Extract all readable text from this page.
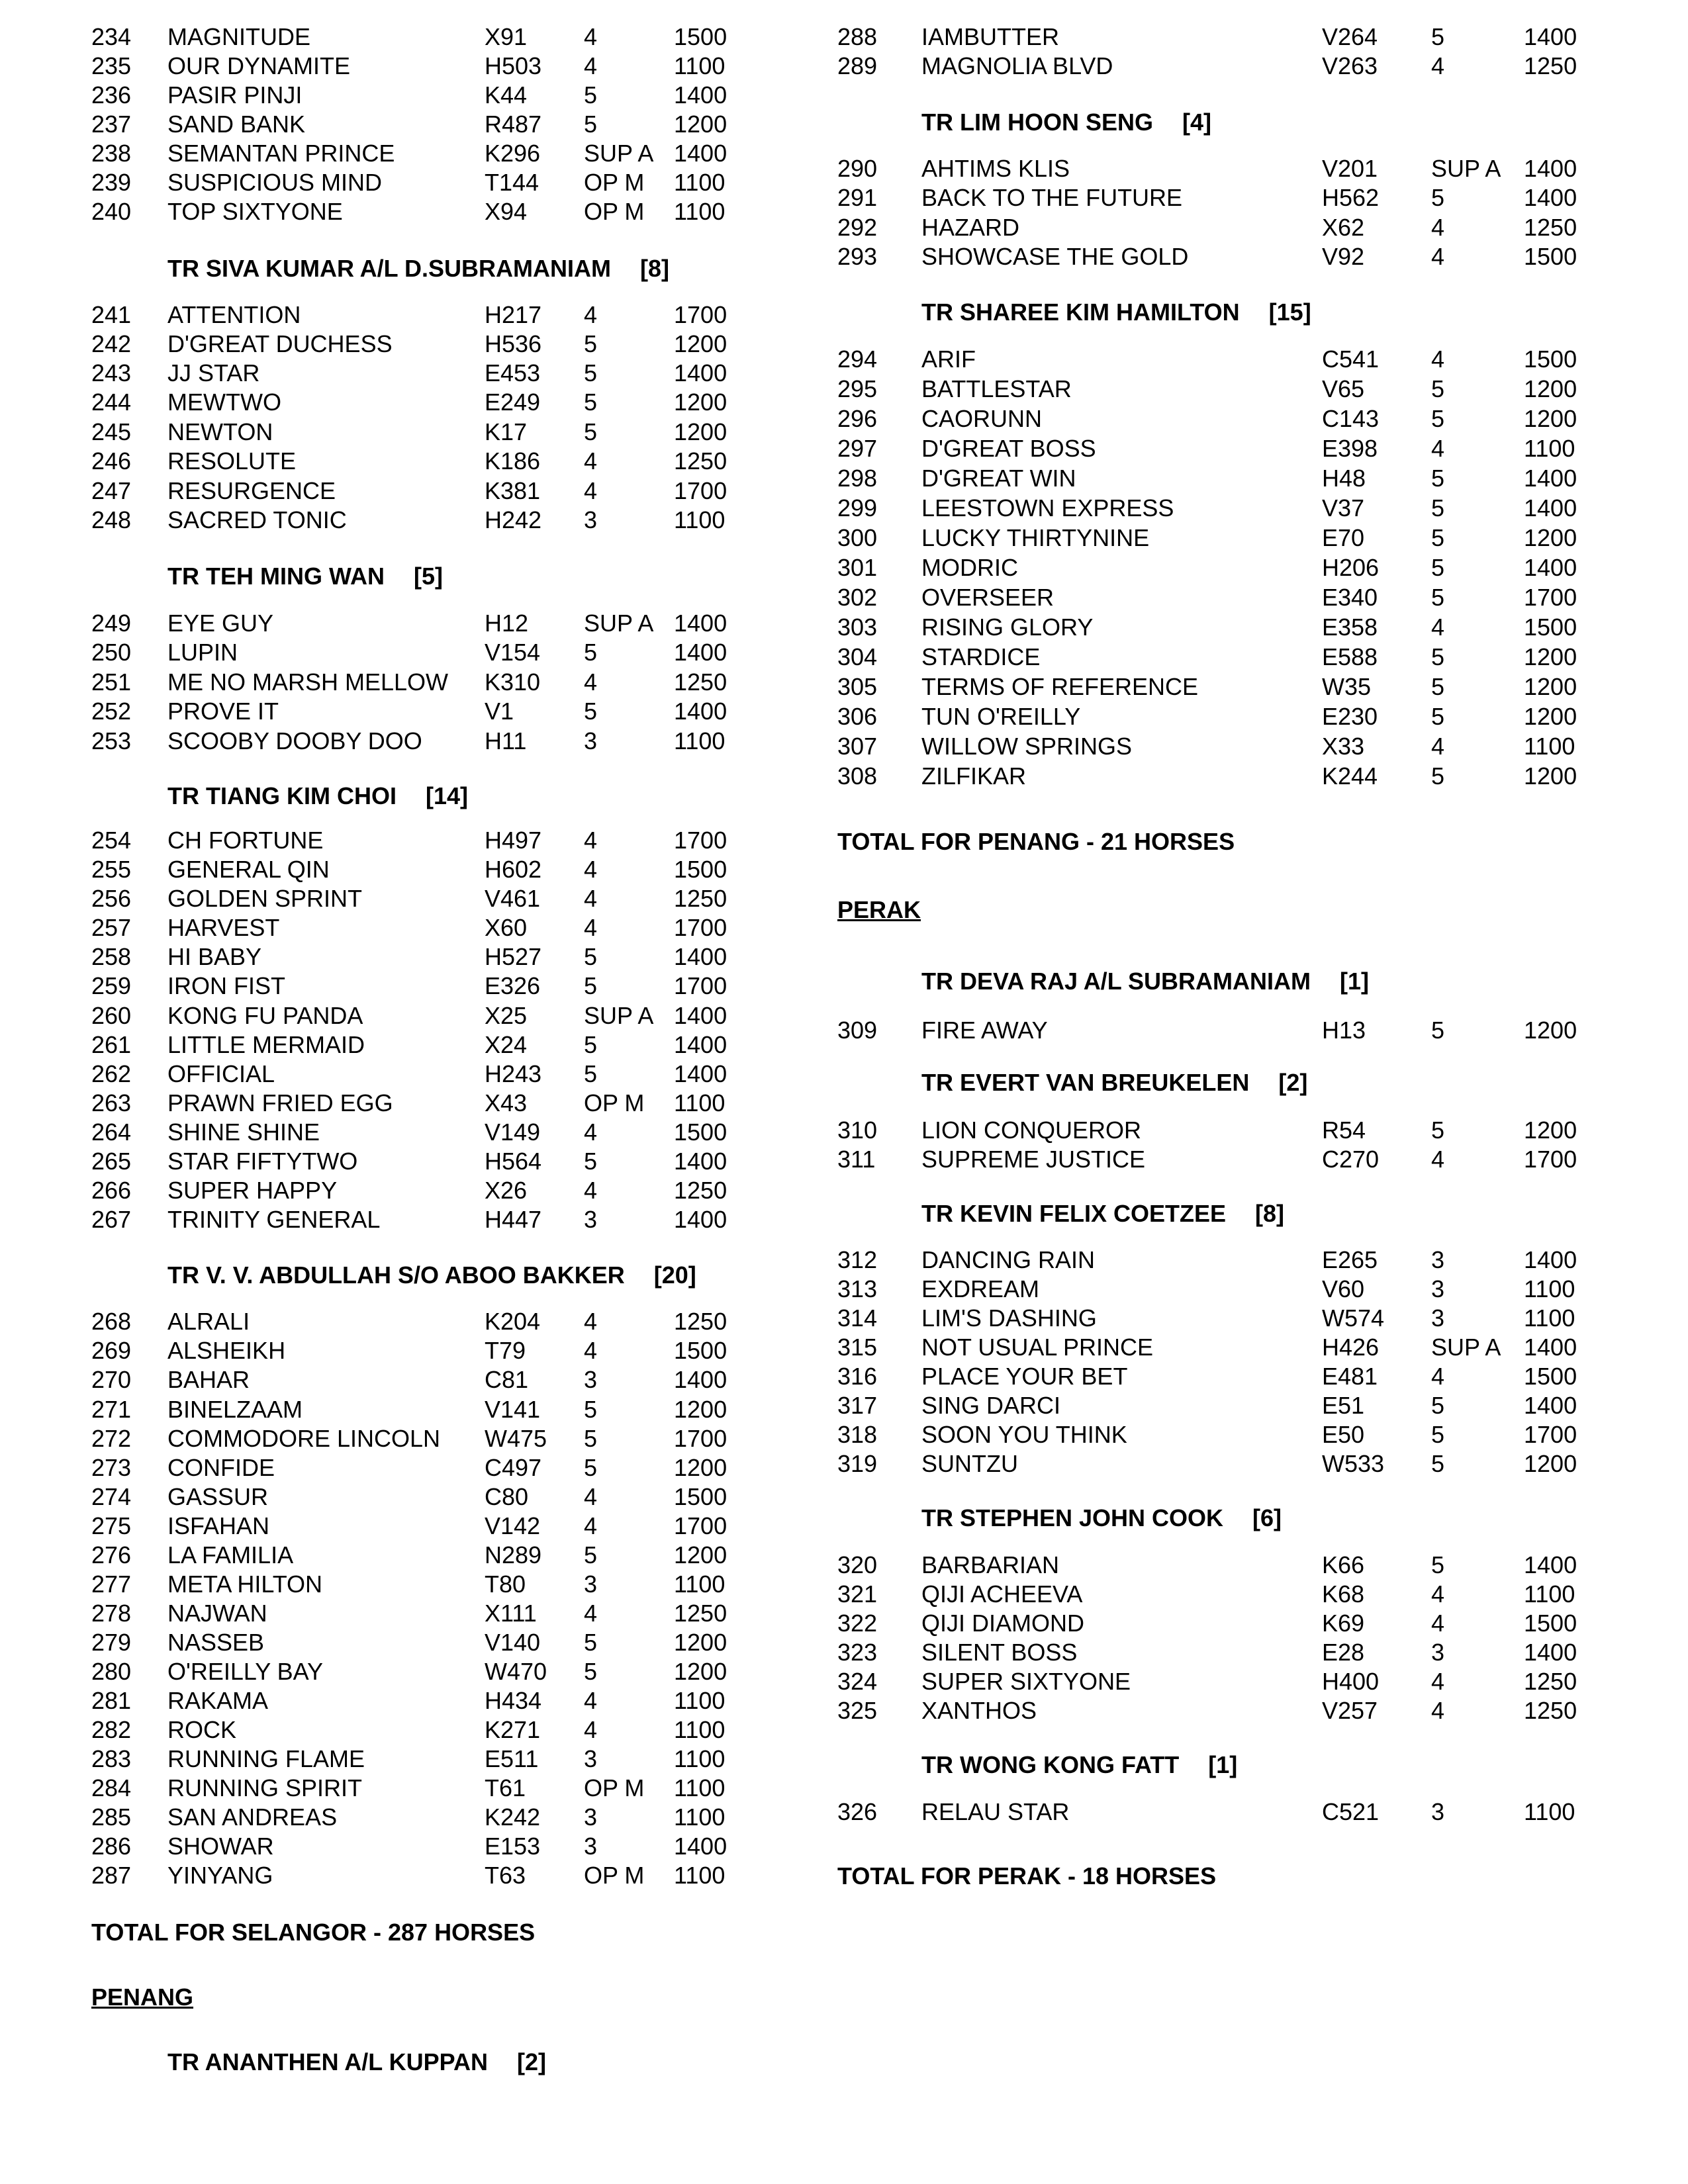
234 MAGNITUDE	X91 4	1500
235 OUR DYNAMITE	H503 4	1100
236 PASIR PINJI	K44 5	1400
237 SAND BANK	R487 5	1200
238 SEMANTAN PRINCE	K296 SUP A 1400
239 SUSPICIOUS MIND	T144 OP M 1100
240 TOP SIXTYONE	X94 OP M 1100
TR SIVA KUMAR A/L D.SUBRAMANIAM [8]
241 ATTENTION	H217 4	1700
242 D'GREAT DUCHESS	H536 5	1200
243 JJ STAR	E453 5	1400
244 MEWTWO	E249 5	1200
245 NEWTON	K17 5	1200
246 RESOLUTE	K186 4	1250
247 RESURGENCE	K381 4	1700
248 SACRED TONIC	H242 3	1100
TR TEH MING WAN [5]
249 EYE GUY	H12 SUP A 1400
250 LUPIN	V154 5	1400
251 ME NO MARSH MELLOW K310 4	1250
252 PROVE IT	V1	5	1400
253 SCOOBY DOOBY DOO	H11 3	1100
TR TIANG KIM CHOI [14]
254 CH FORTUNE	H497 4	1700
255 GENERAL QIN	H602 4	1500
256 GOLDEN SPRINT	V461 4	1250
257 HARVEST	X60 4	1700
258 HI BABY	H527 5	1400
259 IRON FIST	E326 5	1700
260 KONG FU PANDA	X25 SUP A 1400
261 LITTLE MERMAID	X24 5	1400
262 OFFICIAL	H243 5	1400
263 PRAWN FRIED EGG	X43 OP M 1100
264 SHINE SHINE	V149 4	1500
265 STAR FIFTYTWO	H564 5	1400
266 SUPER HAPPY	X26 4	1250
267 TRINITY GENERAL	H447 3	1400
TR V. V. ABDULLAH S/O ABOO BAKKER [20]
268 ALRALI	K204 4	1250
269 ALSHEIKH	T79 4	1500
270 BAHAR	C81 3	1400
271 BINELZAAM	V141 5	1200
272 COMMODORE LINCOLN W475 5	1700
273 CONFIDE	C497 5	1200
274 GASSUR	C80 4	1500
275 ISFAHAN	V142 4	1700
276 LA FAMILIA	N289 5	1200
277 META HILTON	T80 3	1100
278 NAJWAN	X111 4	1250
279 NASSEB	V140 5	1200
280 O'REILLY BAY	W470 5	1200
281 RAKAMA	H434 4	1100
282 ROCK	K271 4	1100
283 RUNNING FLAME	E511 3	1100
284 RUNNING SPIRIT	T61 OP M 1100
285 SAN ANDREAS	K242 3	1100
286 SHOWAR	E153 3	1400
287 YINYANG	T63 OP M 1100
TOTAL FOR SELANGOR - 287 HORSES
PENANG
TR ANANTHEN A/L KUPPAN [2]
288 IAMBUTTER	V264 5	1400
289 MAGNOLIA BLVD	V263 4	1250
TR LIM HOON SENG [4]
290 AHTIMS KLIS	V201 SUP A 1400
291 BACK TO THE FUTURE	H562 5	1400
292 HAZARD	X62	4	1250
293 SHOWCASE THE GOLD	V92	4	1500
TR SHAREE KIM HAMILTON [15]
294 ARIF	C541 4	1500
295 BATTLESTAR	V65	5	1200
296 CAORUNN	C143 5	1200
297 D'GREAT BOSS	E398 4	1100
298 D'GREAT WIN	H48	5	1400
299 LEESTOWN EXPRESS	V37	5	1400
300 LUCKY THIRTYNINE	E70	5	1200
301 MODRIC	H206 5	1400
302 OVERSEER	E340 5	1700
303 RISING GLORY	E358 4	1500
304 STARDICE	E588 5	1200
305 TERMS OF REFERENCE	W35	5	1200
306 TUN O'REILLY	E230 5	1200
307 WILLOW SPRINGS	X33	4	1100
308 ZILFIKAR	K244 5	1200
TOTAL FOR PENANG - 21 HORSES
PERAK
TR DEVA RAJ A/L SUBRAMANIAM [1]
309 FIRE AWAY	H13	5	1200
TR EVERT VAN BREUKELEN [2]
310 LION CONQUEROR	R54	5	1200
311 SUPREME JUSTICE	C270 4	1700
TR KEVIN FELIX COETZEE [8]
312 DANCING RAIN	E265 3	1400
313 EXDREAM	V60	3	1100
314 LIM'S DASHING	W574 3	1100
315 NOT USUAL PRINCE	H426 SUP A 1400
316 PLACE YOUR BET	E481 4	1500
317 SING DARCI	E51	5	1400
318 SOON YOU THINK	E50	5	1700
319 SUNTZU	W533 5	1200
TR STEPHEN JOHN COOK [6]
320 BARBARIAN	K66	5	1400
321 QIJI ACHEEVA	K68	4	1100
322 QIJI DIAMOND	K69	4	1500
323 SILENT BOSS	E28	3	1400
324 SUPER SIXTYONE	H400 4	1250
325 XANTHOS	V257 4	1250
TR WONG KONG FATT [1]
326 RELAU STAR	C521 3	1100
TOTAL FOR PERAK - 18 HORSES
